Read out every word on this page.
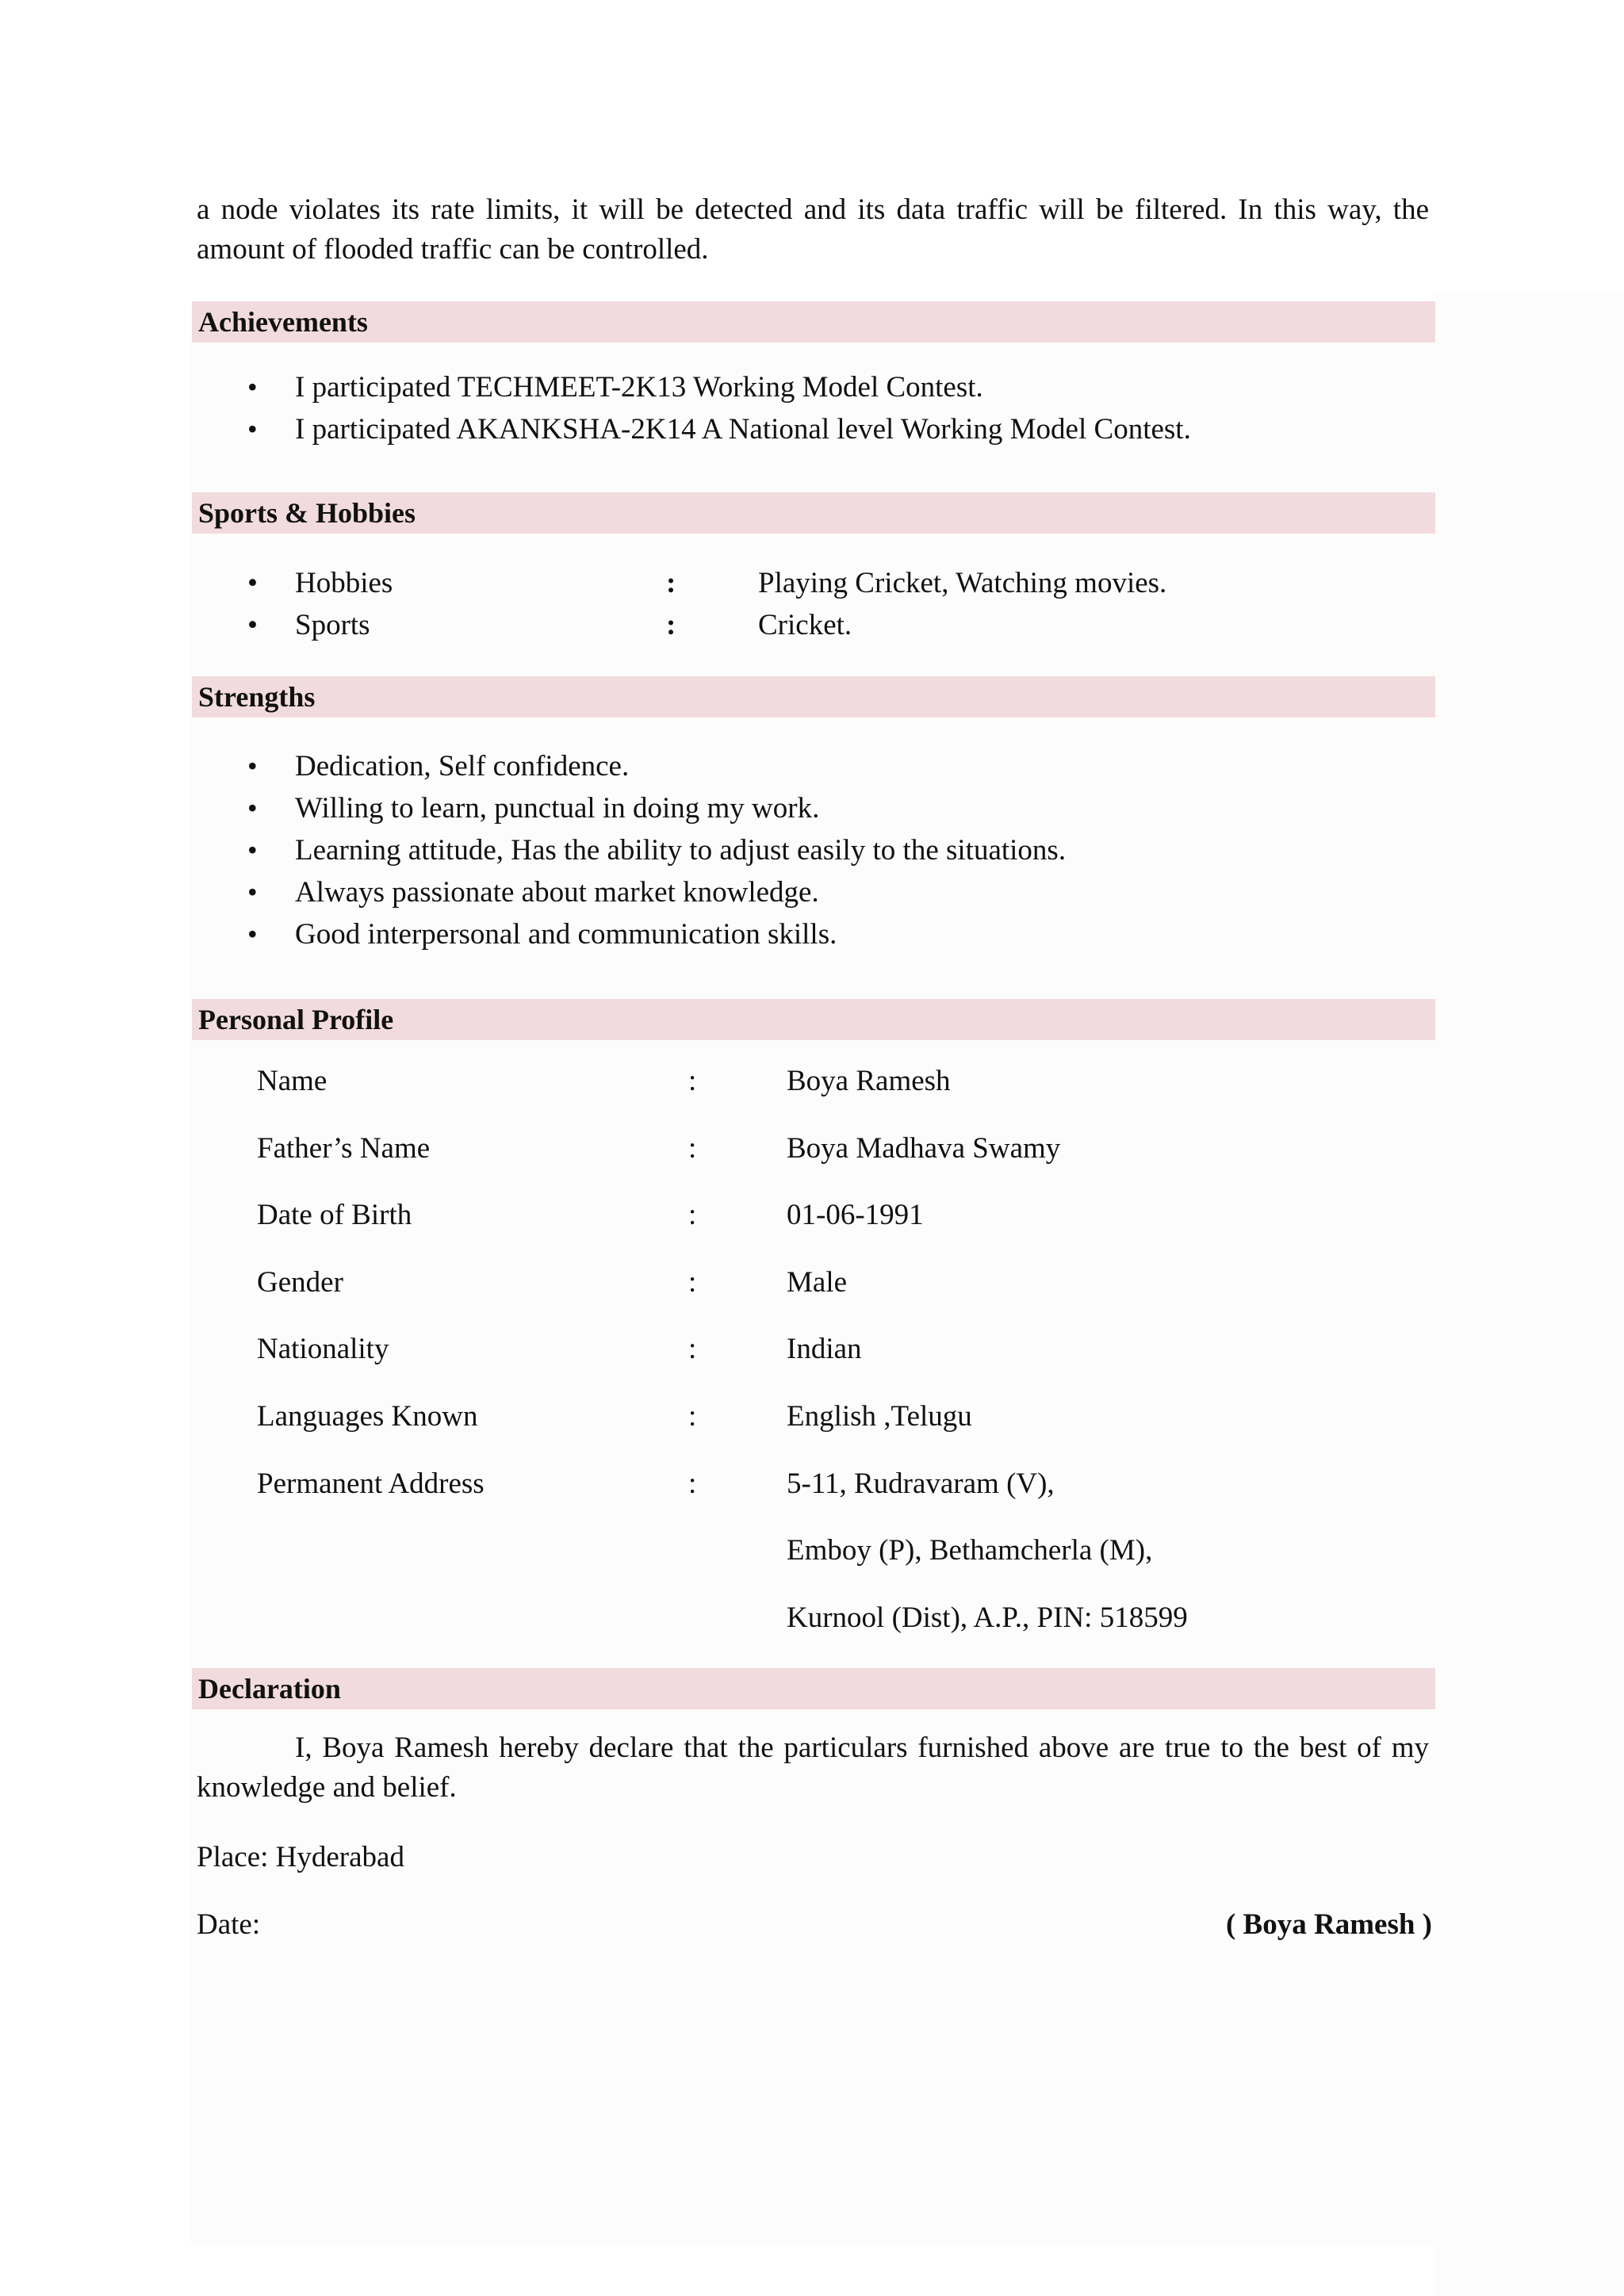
a node violates its rate limits, it will be detected and its data traffic will be filtered. In this way, the amount of flooded traffic can be controlled.

Achievements
• I participated TECHMEET-2K13 Working Model Contest.
• I participated AKANKSHA-2K14 A National level Working Model Contest.
Sports & Hobbies
• Hobbies	:	Playing Cricket, Watching movies.
• Sports	:	Cricket.
Strengths
• Dedication, Self confidence.
• Willing to learn, punctual in doing my work.
• Learning attitude, Has the ability to adjust easily to the situations.
• Always passionate about market knowledge.
• Good interpersonal and communication skills.
Personal Profile
Name	:	Boya Ramesh
Father’s Name	:	Boya Madhava Swamy
Date of Birth	:	01-06-1991
Gender	:	Male
Nationality	:	Indian
Languages Known	:	English ,Telugu
Permanent Address	:	5-11, Rudravaram (V),
Emboy (P), Bethamcherla (M),
Kurnool (Dist), A.P., PIN: 518599
Declaration

I, Boya Ramesh hereby declare that the particulars furnished above are true to the best of my knowledge and belief.

Place: Hyderabad
Date:	( Boya Ramesh )
